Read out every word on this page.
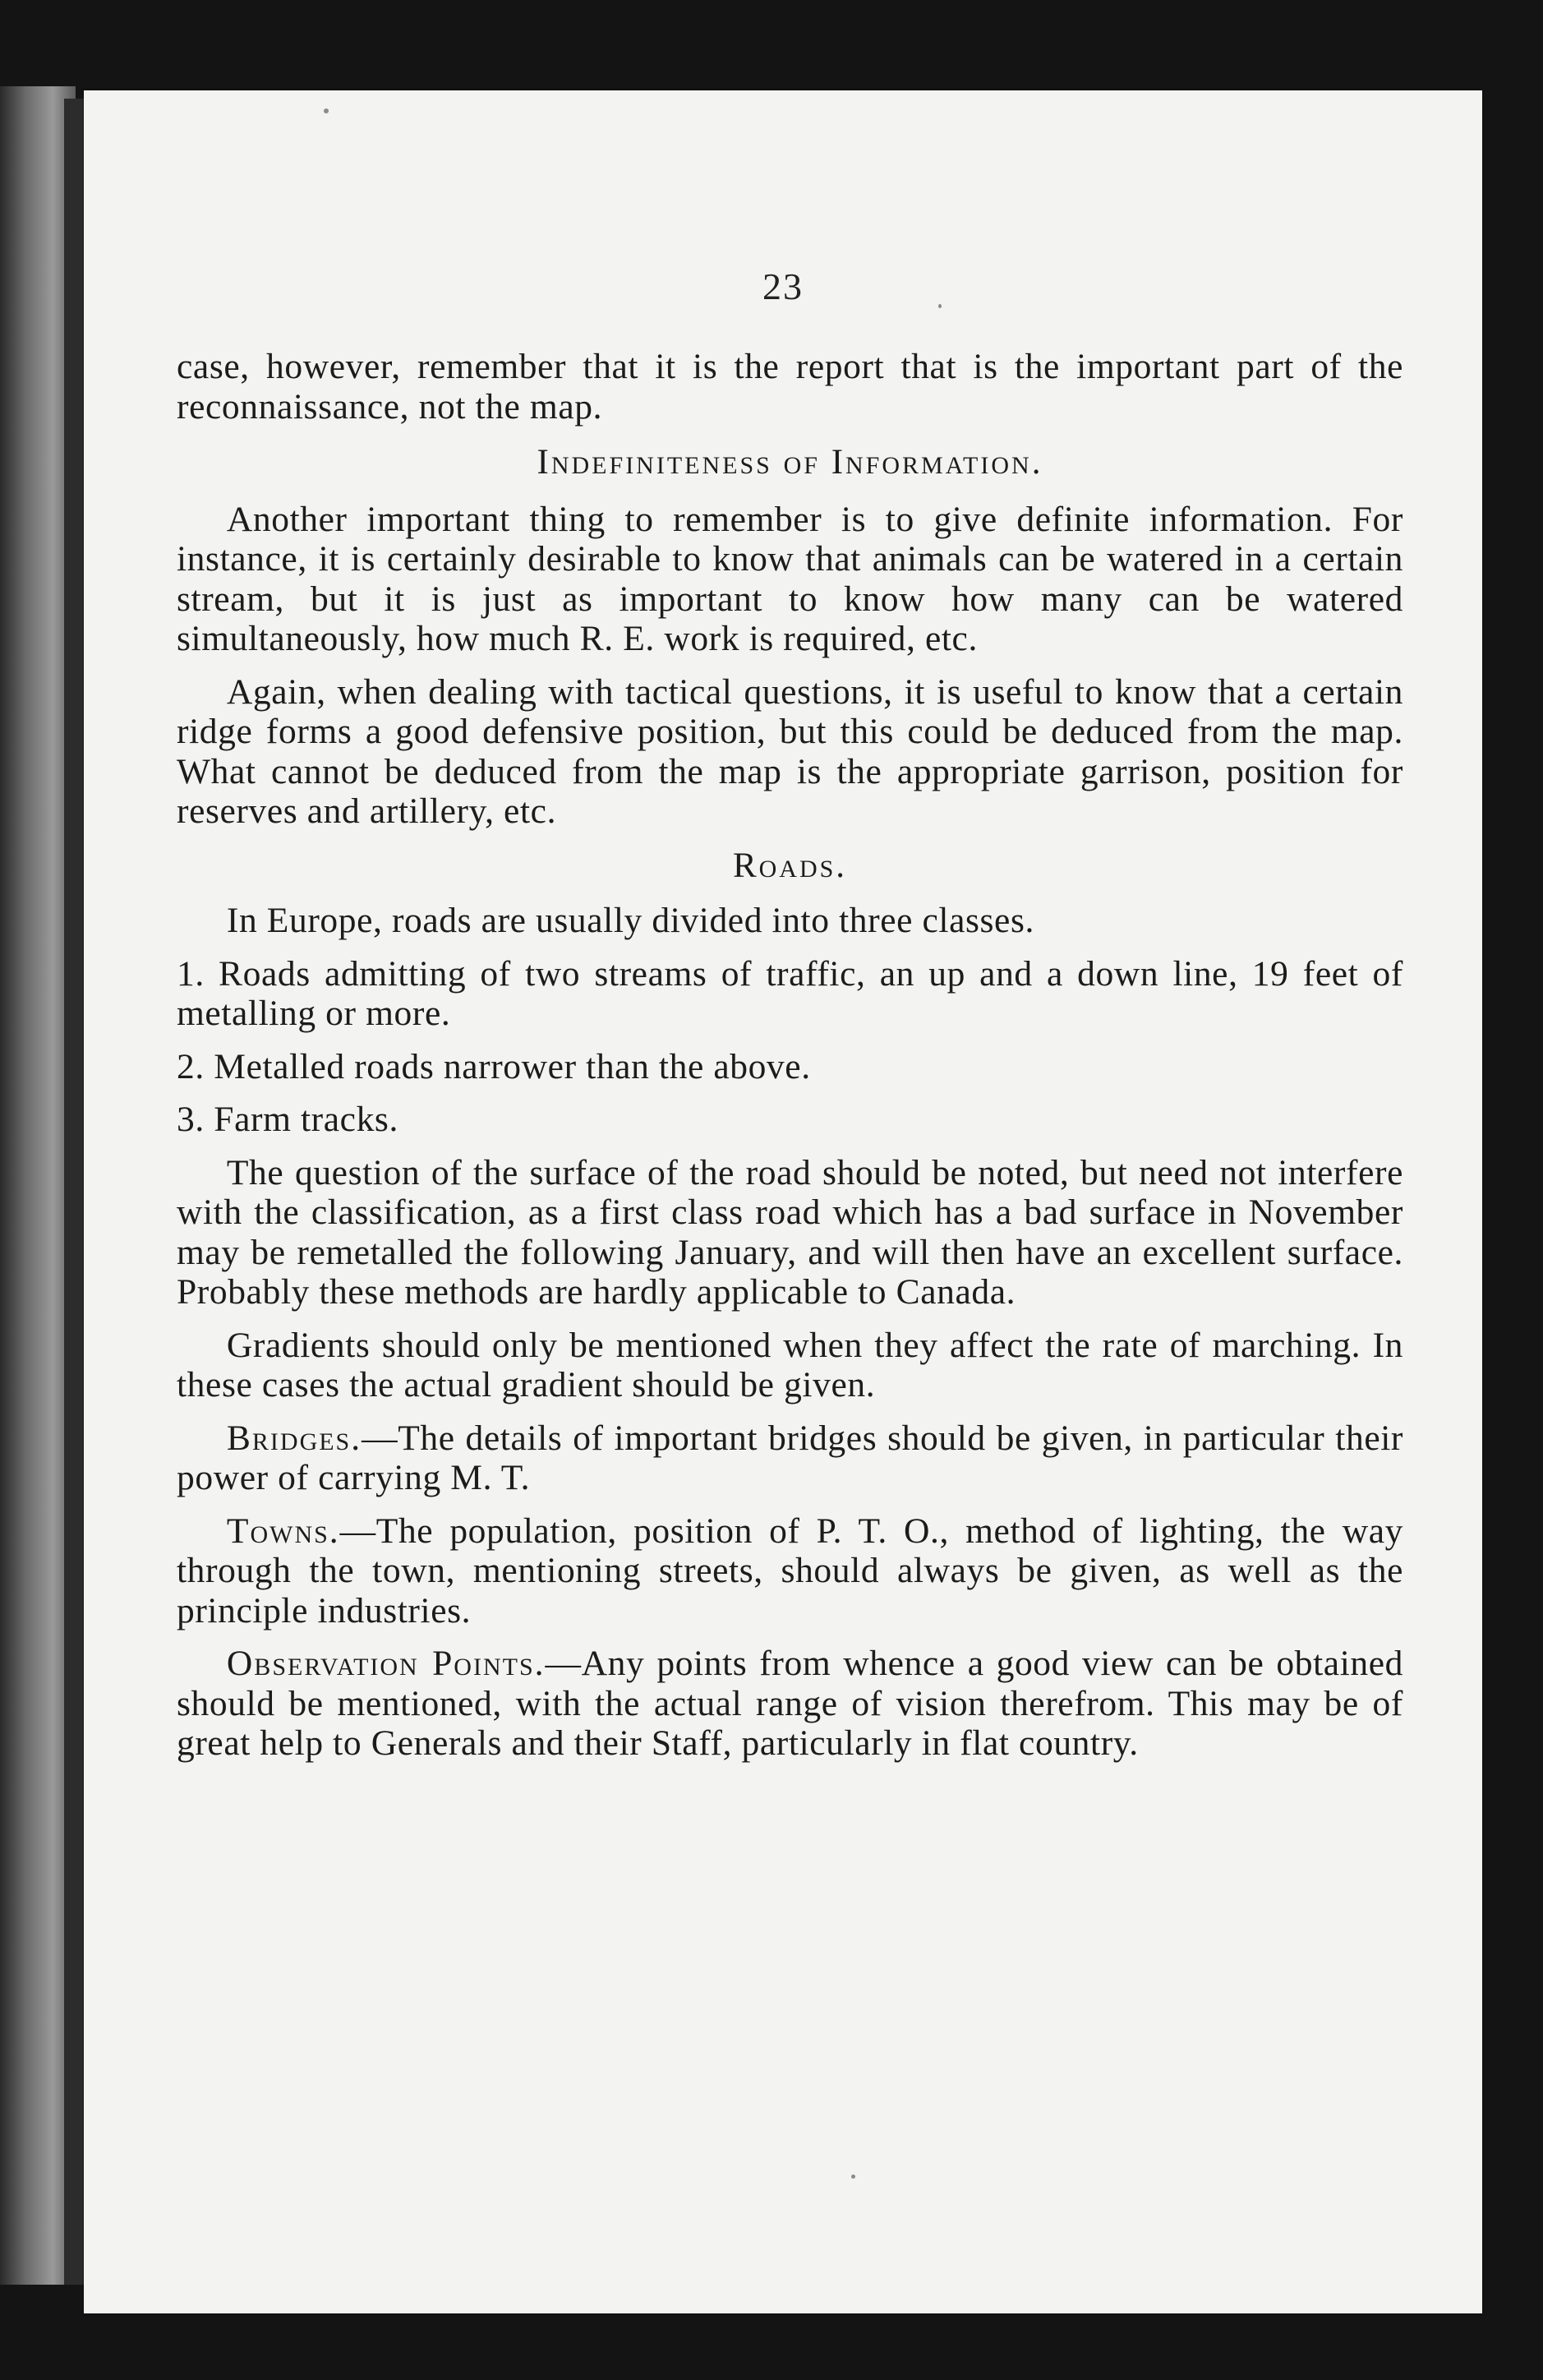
23

case, however, remember that it is the report that is the important part of the reconnaissance, not the map.

Indefiniteness of Information.

Another important thing to remember is to give definite information. For instance, it is certainly desirable to know that animals can be watered in a certain stream, but it is just as important to know how many can be watered simultaneously, how much R. E. work is required, etc.

Again, when dealing with tactical questions, it is useful to know that a certain ridge forms a good defensive position, but this could be deduced from the map. What cannot be deduced from the map is the appropriate garrison, position for reserves and artillery, etc.

Roads.

In Europe, roads are usually divided into three classes.

1. Roads admitting of two streams of traffic, an up and a down line, 19 feet of metalling or more.

2. Metalled roads narrower than the above.

3. Farm tracks.

The question of the surface of the road should be noted, but need not interfere with the classification, as a first class road which has a bad surface in November may be remetalled the following January, and will then have an excellent surface. Probably these methods are hardly applicable to Canada.

Gradients should only be mentioned when they affect the rate of marching. In these cases the actual gradient should be given.

Bridges.—The details of important bridges should be given, in particular their power of carrying M. T.

Towns.—The population, position of P. T. O., method of lighting, the way through the town, mentioning streets, should always be given, as well as the principle industries.

Observation Points.—Any points from whence a good view can be obtained should be mentioned, with the actual range of vision therefrom. This may be of great help to Generals and their Staff, particularly in flat country.
